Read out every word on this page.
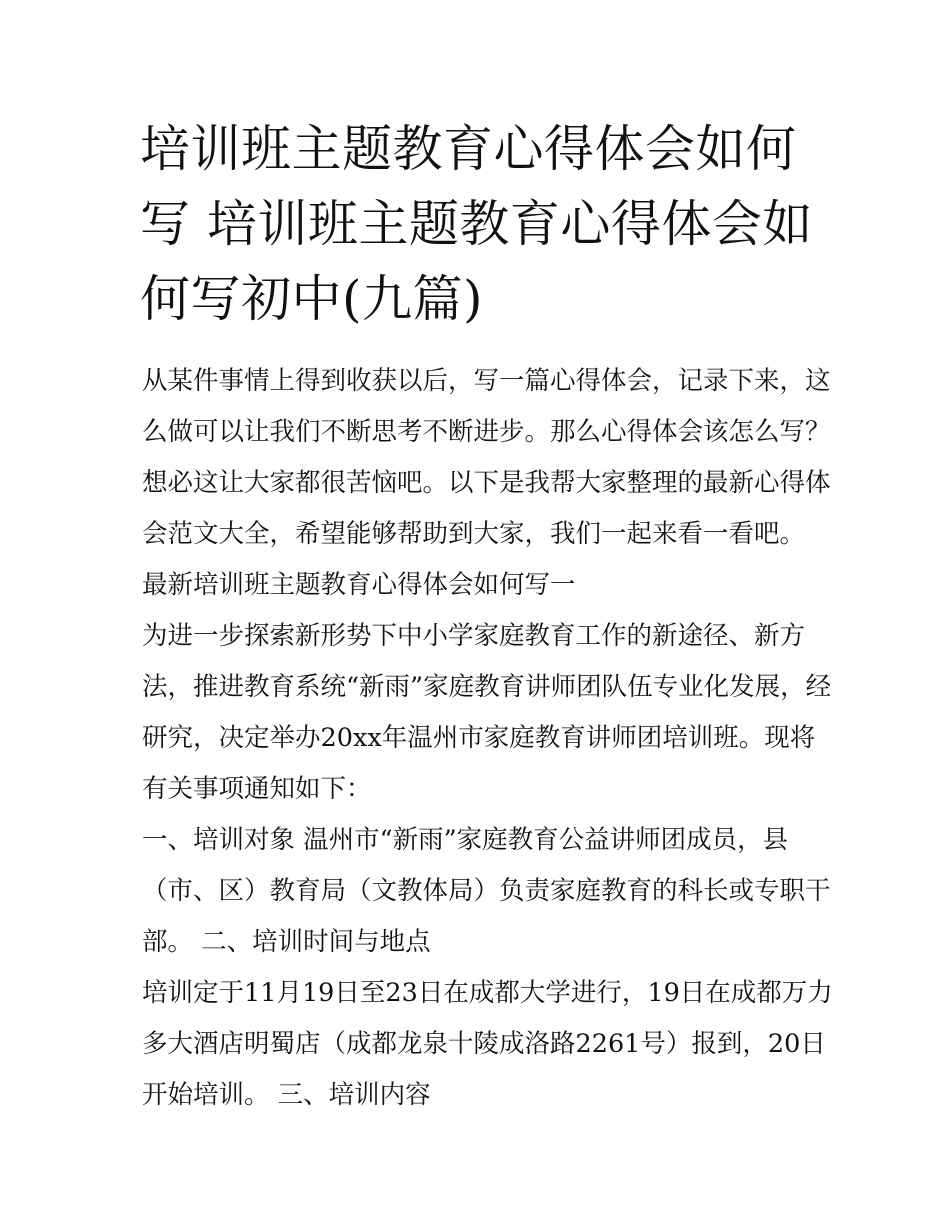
培训班主题教育心得体会如何
写 培训班主题教育心得体会如
何写初中(九篇)
从某件事情上得到收获以后，写一篇心得体会，记录下来，这
么做可以让我们不断思考不断进步。那么心得体会该怎么写？
想必这让大家都很苦恼吧。以下是我帮大家整理的最新心得体
会范文大全，希望能够帮助到大家，我们一起来看一看吧。
最新培训班主题教育心得体会如何写一
为进一步探索新形势下中小学家庭教育工作的新途径、新方
法，推进教育系统“新雨”家庭教育讲师团队伍专业化发展，经
研究，决定举办20xx年温州市家庭教育讲师团培训班。现将
有关事项通知如下：
一、培训对象 温州市“新雨”家庭教育公益讲师团成员，县
（市、区）教育局（文教体局）负责家庭教育的科长或专职干
部。 二、培训时间与地点
培训定于11月19日至23日在成都大学进行，19日在成都万力
多大酒店明蜀店（成都龙泉十陵成洛路2261号）报到，20日
开始培训。 三、培训内容
